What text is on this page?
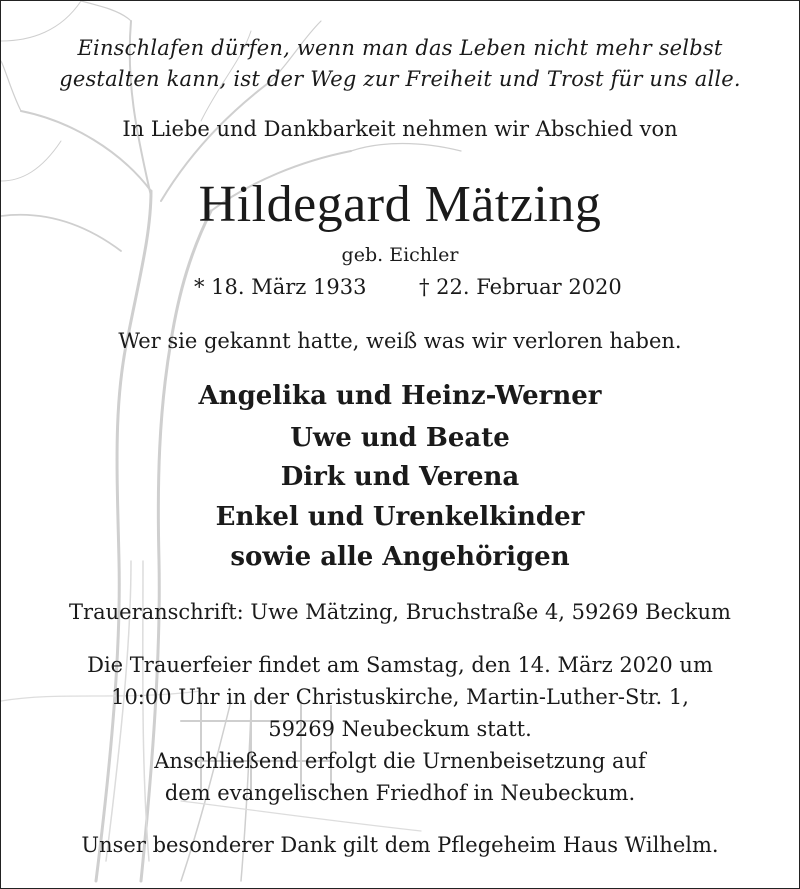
Einschlafen dürfen, wenn man das Leben nicht mehr selbst
gestalten kann, ist der Weg zur Freiheit und Trost für uns alle.
In Liebe und Dankbarkeit nehmen wir Abschied von
Hildegard Mätzing
geb. Eichler
* 18. März 1933	† 22. Februar 2020
Wer sie gekannt hatte, weiß was wir verloren haben.
Angelika und Heinz-Werner
Uwe und Beate
Dirk und Verena
Enkel und Urenkelkinder
sowie alle Angehörigen
Traueranschrift: Uwe Mätzing, Bruchstraße 4, 59269 Beckum
Die Trauerfeier findet am Samstag, den 14. März 2020 um
10:00 Uhr in der Christuskirche, Martin-Luther-Str. 1,
59269 Neubeckum statt.
Anschließend erfolgt die Urnenbeisetzung auf
dem evangelischen Friedhof in Neubeckum.
Unser besonderer Dank gilt dem Pflegeheim Haus Wilhelm.
